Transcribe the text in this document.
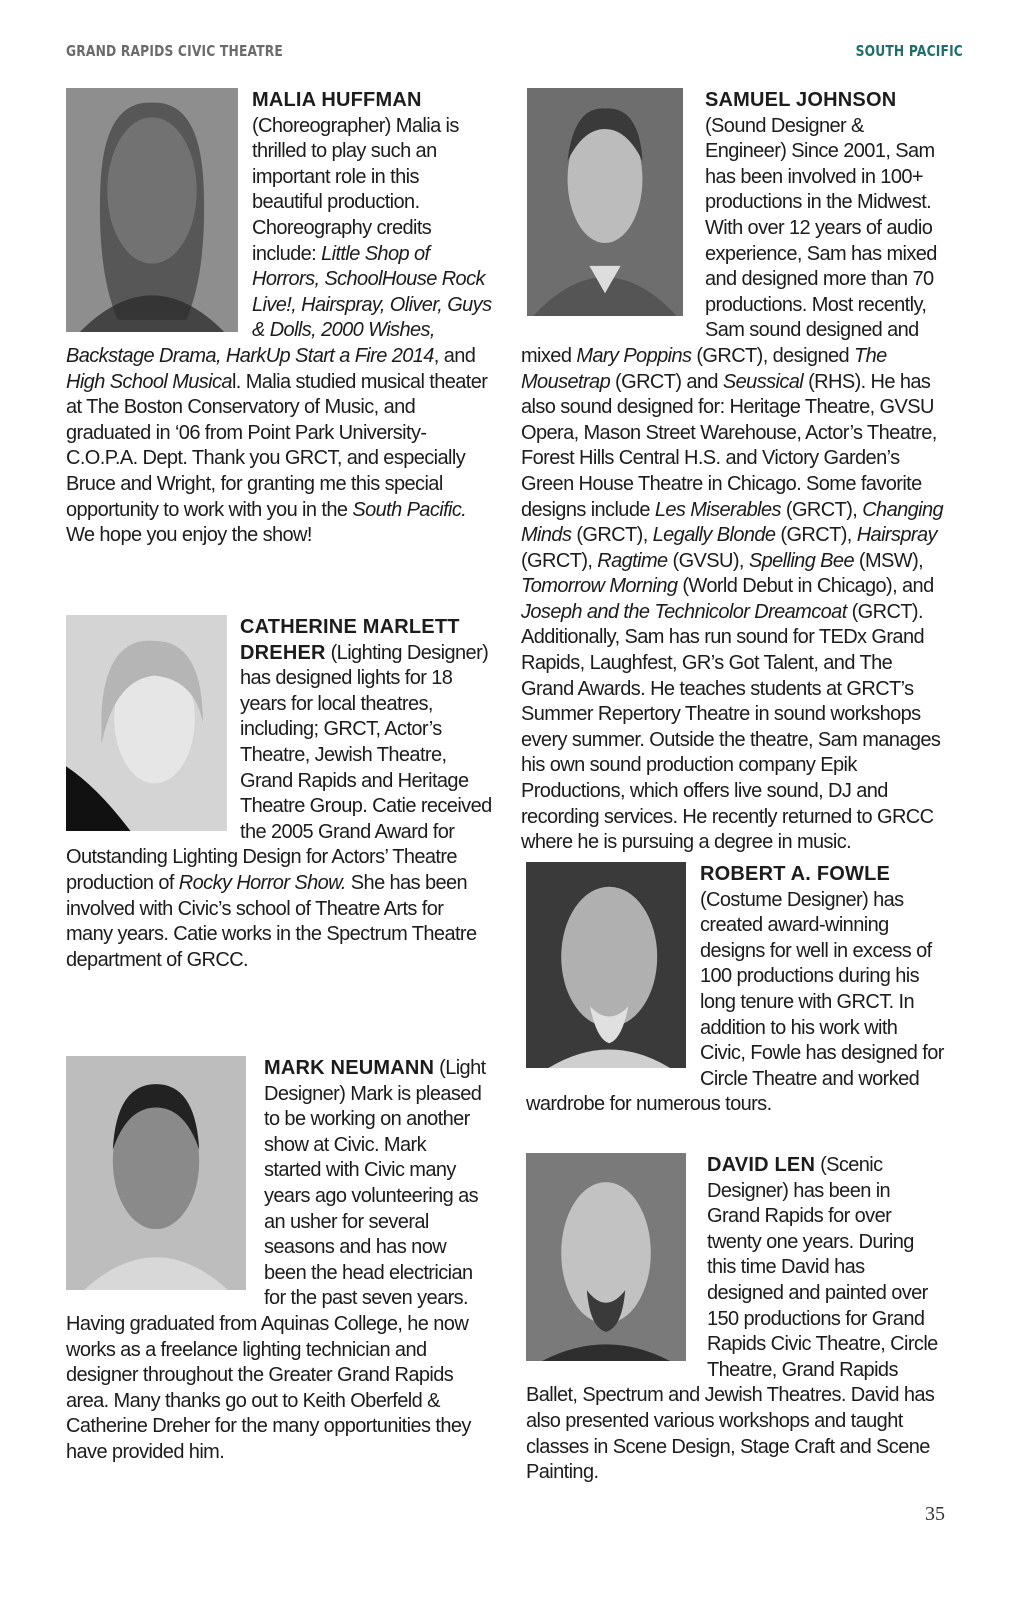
GRAND RAPIDS CIVIC THEATRE	SOUTH PACIFIC

MALIA HUFFMAN (Choreographer) Malia is thrilled to play such an important role in this beautiful production. Choreography credits include: Little Shop of Horrors, SchoolHouse Rock Live!, Hairspray, Oliver, Guys & Dolls, 2000 Wishes, Backstage Drama, HarkUp Start a Fire 2014, and High School Musical. Malia studied musical theater at The Boston Conservatory of Music, and graduated in ‘06 from Point Park University-C.O.P.A. Dept. Thank you GRCT, and especially Bruce and Wright, for granting me this special opportunity to work with you in the South Pacific. We hope you enjoy the show!

CATHERINE MARLETT DREHER (Lighting Designer) has designed lights for 18 years for local theatres, including; GRCT, Actor’s Theatre, Jewish Theatre, Grand Rapids and Heritage Theatre Group. Catie received the 2005 Grand Award for Outstanding Lighting Design for Actors’ Theatre production of Rocky Horror Show. She has been involved with Civic’s school of Theatre Arts for many years. Catie works in the Spectrum Theatre department of GRCC.

MARK NEUMANN (Light Designer) Mark is pleased to be working on another show at Civic. Mark started with Civic many years ago volunteering as an usher for several seasons and has now been the head electrician for the past seven years. Having graduated from Aquinas College, he now works as a freelance lighting technician and designer throughout the Greater Grand Rapids area. Many thanks go out to Keith Oberfeld & Catherine Dreher for the many opportunities they have provided him.

SAMUEL JOHNSON (Sound Designer & Engineer) Since 2001, Sam has been involved in 100+ productions in the Midwest. With over 12 years of audio experience, Sam has mixed and designed more than 70 productions. Most recently, Sam sound designed and mixed Mary Poppins (GRCT), designed The Mousetrap (GRCT) and Seussical (RHS). He has also sound designed for: Heritage Theatre, GVSU Opera, Mason Street Warehouse, Actor’s Theatre, Forest Hills Central H.S. and Victory Garden’s Green House Theatre in Chicago. Some favorite designs include Les Miserables (GRCT), Changing Minds (GRCT), Legally Blonde (GRCT), Hairspray (GRCT), Ragtime (GVSU), Spelling Bee (MSW), Tomorrow Morning (World Debut in Chicago), and Joseph and the Technicolor Dreamcoat (GRCT). Additionally, Sam has run sound for TEDx Grand Rapids, Laughfest, GR’s Got Talent, and The Grand Awards. He teaches students at GRCT’s Summer Repertory Theatre in sound workshops every summer. Outside the theatre, Sam manages his own sound production company Epik Productions, which offers live sound, DJ and recording services. He recently returned to GRCC where he is pursuing a degree in music.

ROBERT A. FOWLE (Costume Designer) has created award-winning designs for well in excess of 100 productions during his long tenure with GRCT. In addition to his work with Civic, Fowle has designed for Circle Theatre and worked wardrobe for numerous tours.

DAVID LEN (Scenic Designer) has been in Grand Rapids for over twenty one years. During this time David has designed and painted over 150 productions for Grand Rapids Civic Theatre, Circle Theatre, Grand Rapids Ballet, Spectrum and Jewish Theatres. David has also presented various workshops and taught classes in Scene Design, Stage Craft and Scene Painting.

35
